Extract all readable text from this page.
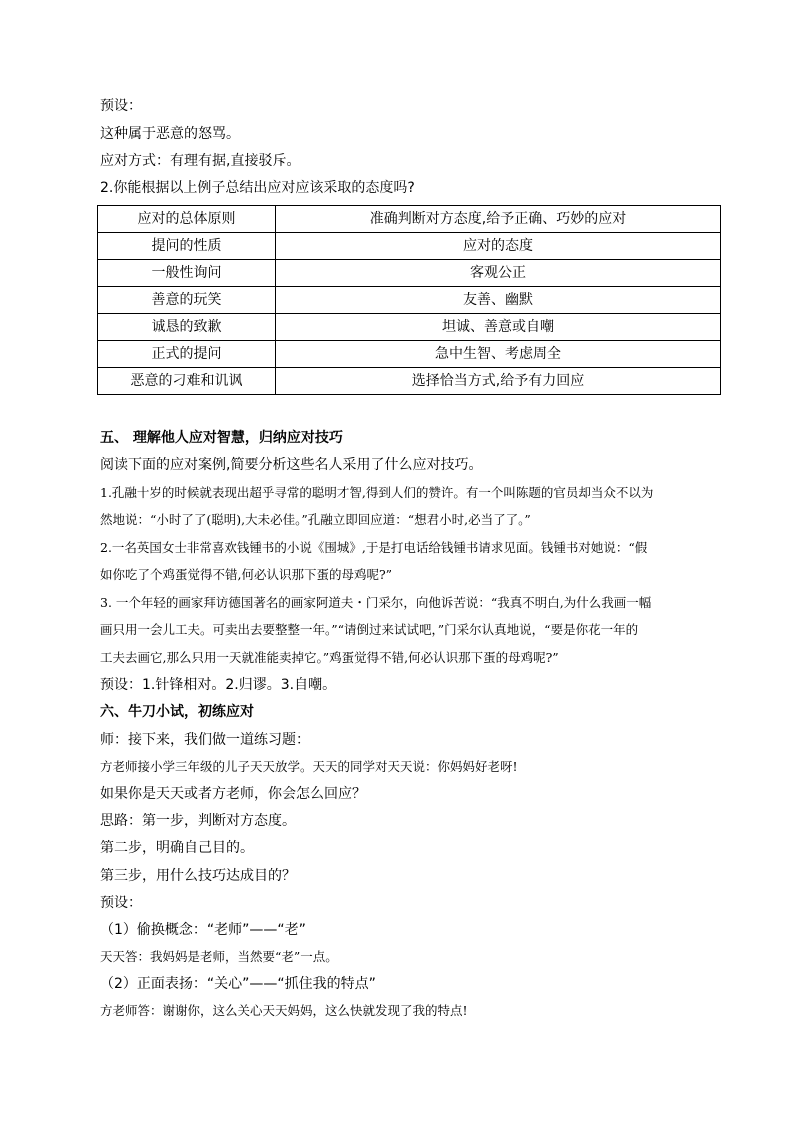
预设：
这种属于恶意的怒骂。
应对方式：有理有据,直接驳斥。
2.你能根据以上例子总结出应对应该采取的态度吗?
应对的总体原则	准确判断对方态度,给予正确、巧妙的应对
提问的性质	应对的态度
一般性询问	客观公正
善意的玩笑	友善、幽默
诚恳的致歉	坦诚、善意或自嘲
正式的提问	急中生智、考虑周全
恶意的刁难和讥讽	选择恰当方式,给予有力回应
五、 理解他人应对智慧，归纳应对技巧
阅读下面的应对案例,简要分析这些名人采用了什么应对技巧。
1.孔融十岁的时候就表现出超乎寻常的聪明才智,得到人们的赞许。有一个叫陈题的官员却当众不以为
然地说：“小时了了(聪明),大未必佳。”孔融立即回应道：“想君小时,必当了了。”
2.一名英国女士非常喜欢钱锺书的小说《围城》,于是打电话给钱锺书请求见面。钱锺书对她说：“假
如你吃了个鸡蛋觉得不错,何必认识那下蛋的母鸡呢?”
3. 一个年轻的画家拜访德国著名的画家阿道夫・门采尔，向他诉苦说：“我真不明白,为什么我画一幅
画只用一会儿工夫。可卖出去要整整一年。”“请倒过来试试吧，”门采尔认真地说，“要是你花一年的
工夫去画它,那么只用一天就准能卖掉它。”鸡蛋觉得不错,何必认识那下蛋的母鸡呢?”
预设：1.针锋相对。2.归谬。3.自嘲。
六、牛刀小试，初练应对
师：接下来，我们做一道练习题：
方老师接小学三年级的儿子天天放学。天天的同学对天天说：你妈妈好老呀!
如果你是天天或者方老师，你会怎么回应？
思路：第一步，判断对方态度。
第二步，明确自己目的。
第三步，用什么技巧达成目的？
预设：
（1）偷换概念：“老师”——“老”
天天答：我妈妈是老师，当然要“老”一点。
（2）正面表扬：“关心”——“抓住我的特点”
方老师答：谢谢你，这么关心天天妈妈，这么快就发现了我的特点!
